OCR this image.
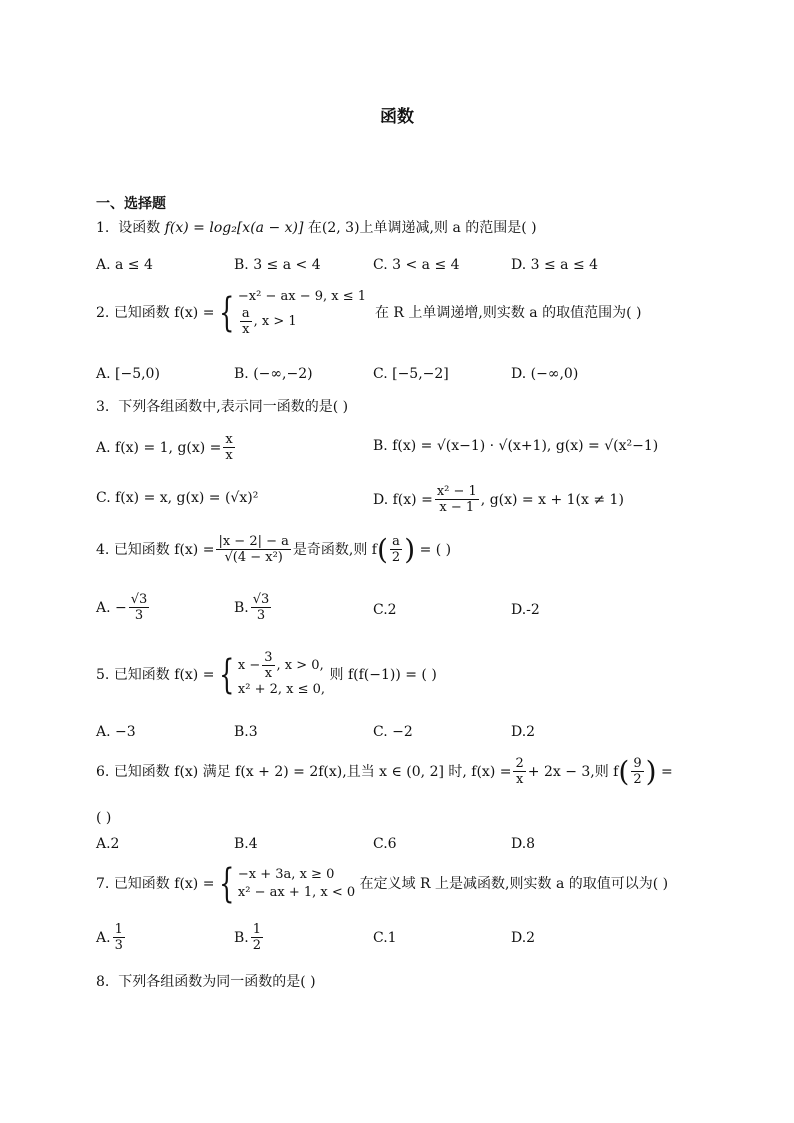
函数
一、选择题
1. 设函数 f(x) = log₂[x(a − x)] 在(2, 3)上单调递减,则 a 的范围是( )
A. a ≤ 4	B. 3 ≤ a < 4	C. 3 < a ≤ 4	D. 3 ≤ a ≤ 4
2.
已知函数 f(x) = { −x² − ax − 9, x ≤ 1
$\frac{a}{x}$ , x > 1

在 R 上单调递增,则实数 a 的取值范围为( )
A. [−5,0)	B. (−∞,−2)	C. [−5,−2]	D. (−∞,0)
3. 下列各组函数中,表示同一函数的是( )
A. f(x) = 1, $g(x) = \frac{x}{x}$	B. f(x) = √(x−1) · √(x+1), g(x) = √(x²−1)
C. f(x) = x, g(x) = (√x)²	D. $f(x) = \frac{\text{x² − 1}}{x - 1}$ , g(x) = x + 1(x ≠ 1)
4.
已知函数 $f(x) = \frac{|x - 2| - a}{\text{√(4 − x²)}}$ 是奇函数,则 f ( $\frac{a}{2}$ )
= ( )
A. − $\frac{√3}{3}$	B. $\frac{√3}{3}$	C.2	D.-2
5.
已知函数 f(x) = { $x - \frac{3}{x}$ , x > 0,
x² + 2, x ≤ 0,

则 f(f(−1)) = ( )
A. −3	B.3	C. −2	D.2
6.
已知函数 f(x) 满足 f(x + 2) = 2f(x),且当 x ∈ (0, 2] 时, $f(x) = \frac{2}{x} + 2x - 3$,则 f ( $\frac{9}{2}$ )
=
( )
A.2	B.4	C.6	D.8
7.
已知函数 f(x) = { −x + 3a, x ≥ 0
x² − ax + 1, x < 0

在定义域 R 上是减函数,则实数 a 的取值可以为( )
A. $\frac{1}{3}$	B. $\frac{1}{2}$	C.1	D.2
8. 下列各组函数为同一函数的是( )
